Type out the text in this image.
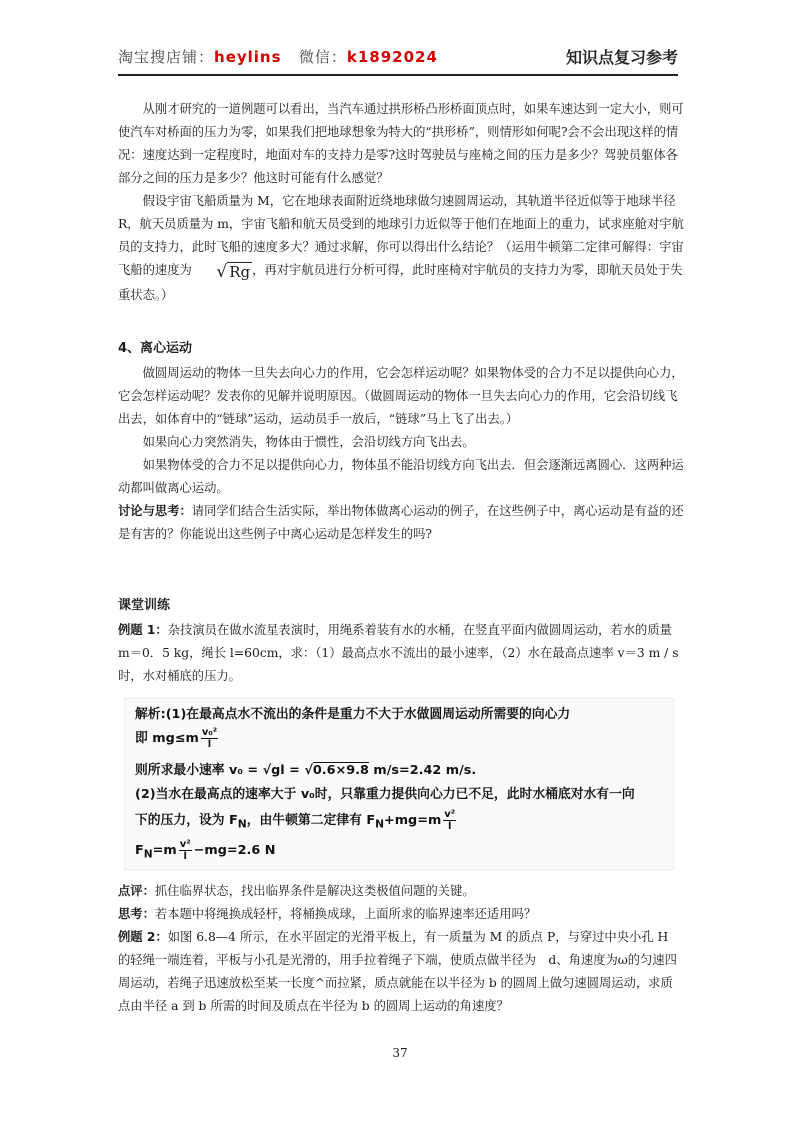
淘宝搜店铺：heylins 微信：k1892024	知识点复习参考

从刚才研究的一道例题可以看出，当汽车通过拱形桥凸形桥面顶点时，如果车速达到一定大小，则可使汽车对桥面的压力为零，如果我们把地球想象为特大的“拱形桥”，则情形如何呢?会不会出现这样的情况：速度达到一定程度时，地面对车的支持力是零?这时驾驶员与座椅之间的压力是多少？驾驶员躯体各部分之间的压力是多少？他这时可能有什么感觉？

假设宇宙飞船质量为 M，它在地球表面附近绕地球做匀速圆周运动，其轨道半径近似等于地球半径 R，航天员质量为 m，宇宙飞船和航天员受到的地球引力近似等于他们在地面上的重力，试求座舱对宇航员的支持力，此时飞船的速度多大？通过求解，你可以得出什么结论？（运用牛顿第二定律可解得：宇宙飞船的速度为 √ Rg ，再对宇航员进行分析可得，此时座椅对宇航员的支持力为零，即航天员处于失重状态。）

4、离心运动

做圆周运动的物体一旦失去向心力的作用，它会怎样运动呢？如果物体受的合力不足以提供向心力，它会怎样运动呢？发表你的见解并说明原因。（做圆周运动的物体一旦失去向心力的作用，它会沿切线飞出去，如体育中的“链球”运动，运动员手一放后，“链球”马上飞了出去。）

如果向心力突然消失，物体由于惯性，会沿切线方向飞出去。

如果物体受的合力不足以提供向心力，物体虽不能沿切线方向飞出去．但会逐渐远离圆心．这两种运动都叫做离心运动。

讨论与思考：请同学们结合生活实际，举出物体做离心运动的例子，在这些例子中，离心运动是有益的还是有害的？你能说出这些例子中离心运动是怎样发生的吗?

课堂训练

例题 1：杂技演员在做水流星表演时，用绳系着装有水的水桶，在竖直平面内做圆周运动，若水的质量 m＝0．5 kg，绳长 l=60cm，求：（1）最高点水不流出的最小速率，（2）水在最高点速率 v＝3 m / s 时，水对桶底的压力。

解析:(1)在最高点水不流出的条件是重力不大于水做圆周运动所需要的向心力
即 $mg\le m \frac{\text{v₀²}}{l}$
则所求最小速率 v₀ = √gl = √0.6×9.8 m/s=2.42 m/s.
(2)当水在最高点的速率大于 v₀时，只靠重力提供向心力已不足，此时水桶底对水有一向
下的压力，设为 $F_N$，由牛顿第二定律有 $F_N+mg=m \frac{\text{v²}}{l}$
$F_N=m \frac{\text{v²}}{l} -mg=2.6$ N

点评：抓住临界状态，找出临界条件是解决这类极值问题的关键。

思考：若本题中将绳换成轻杆，将桶换成球，上面所求的临界速率还适用吗？

例题 2：如图 6.8—4 所示，在水平固定的光滑平板上，有一质量为 M 的质点 P，与穿过中央小孔 H 的轻绳一端连着，平板与小孔是光滑的，用手拉着绳子下端，使质点做半径为　d、角速度为ω的匀速四周运动，若绳子迅速放松至某一长度^而拉紧，质点就能在以半径为 b 的圆周上做匀速圆周运动，求质点由半径 a 到 b 所需的时间及质点在半径为 b 的圆周上运动的角速度？

37
